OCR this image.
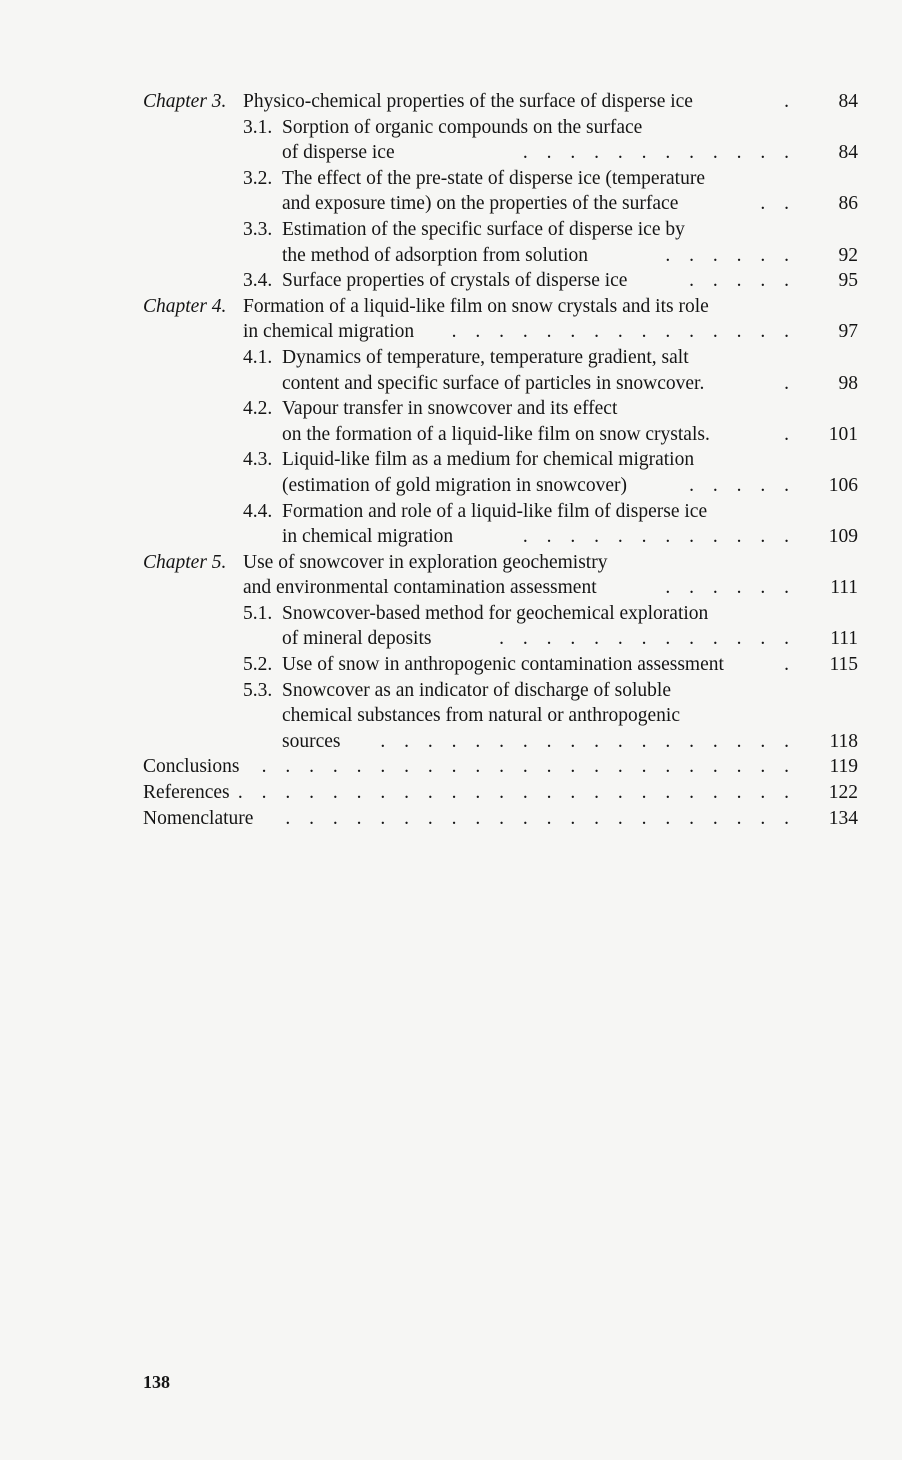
Chapter 3. Physico-chemical properties of the surface of disperse ice	. 84
3.1. Sorption of organic compounds on the surface
of disperse ice	. . . . . . . . . . . . 84
3.2. The effect of the pre-state of disperse ice (temperature
and exposure time) on the properties of the surface	. . 86
3.3. Estimation of the specific surface of disperse ice by
the method of adsorption from solution	. . . . . . 92
3.4. Surface properties of crystals of disperse ice	. . . . . 95
Chapter 4. Formation of a liquid-like film on snow crystals and its role
in chemical migration . . . . . . . . . . . . . . . 97
4.1. Dynamics of temperature, temperature gradient, salt
content and specific surface of particles in snowcover.	. 98
4.2. Vapour transfer in snowcover and its effect
on the formation of a liquid-like film on snow crystals.	. 101
4.3. Liquid-like film as a medium for chemical migration
(estimation of gold migration in snowcover)	. . . . . 106
4.4. Formation and role of a liquid-like film of disperse ice
in chemical migration	. . . . . . . . . . . . 109
Chapter 5. Use of snowcover in exploration geochemistry
and environmental contamination assessment	. . . . . . 111
5.1. Snowcover-based method for geochemical exploration
of mineral deposits	. . . . . . . . . . . . . 111
5.2. Use of snow in anthropogenic contamination assessment	. 115
5.3. Snowcover as an indicator of discharge of soluble
chemical substances from natural or anthropogenic
sources . . . . . . . . . . . . . . . . . . 118
Conclusions . . . . . . . . . . . . . . . . . . . . . . . 119
References . . . . . . . . . . . . . . . . . . . . . . . . 122
Nomenclature . . . . . . . . . . . . . . . . . . . . . . 134
138
